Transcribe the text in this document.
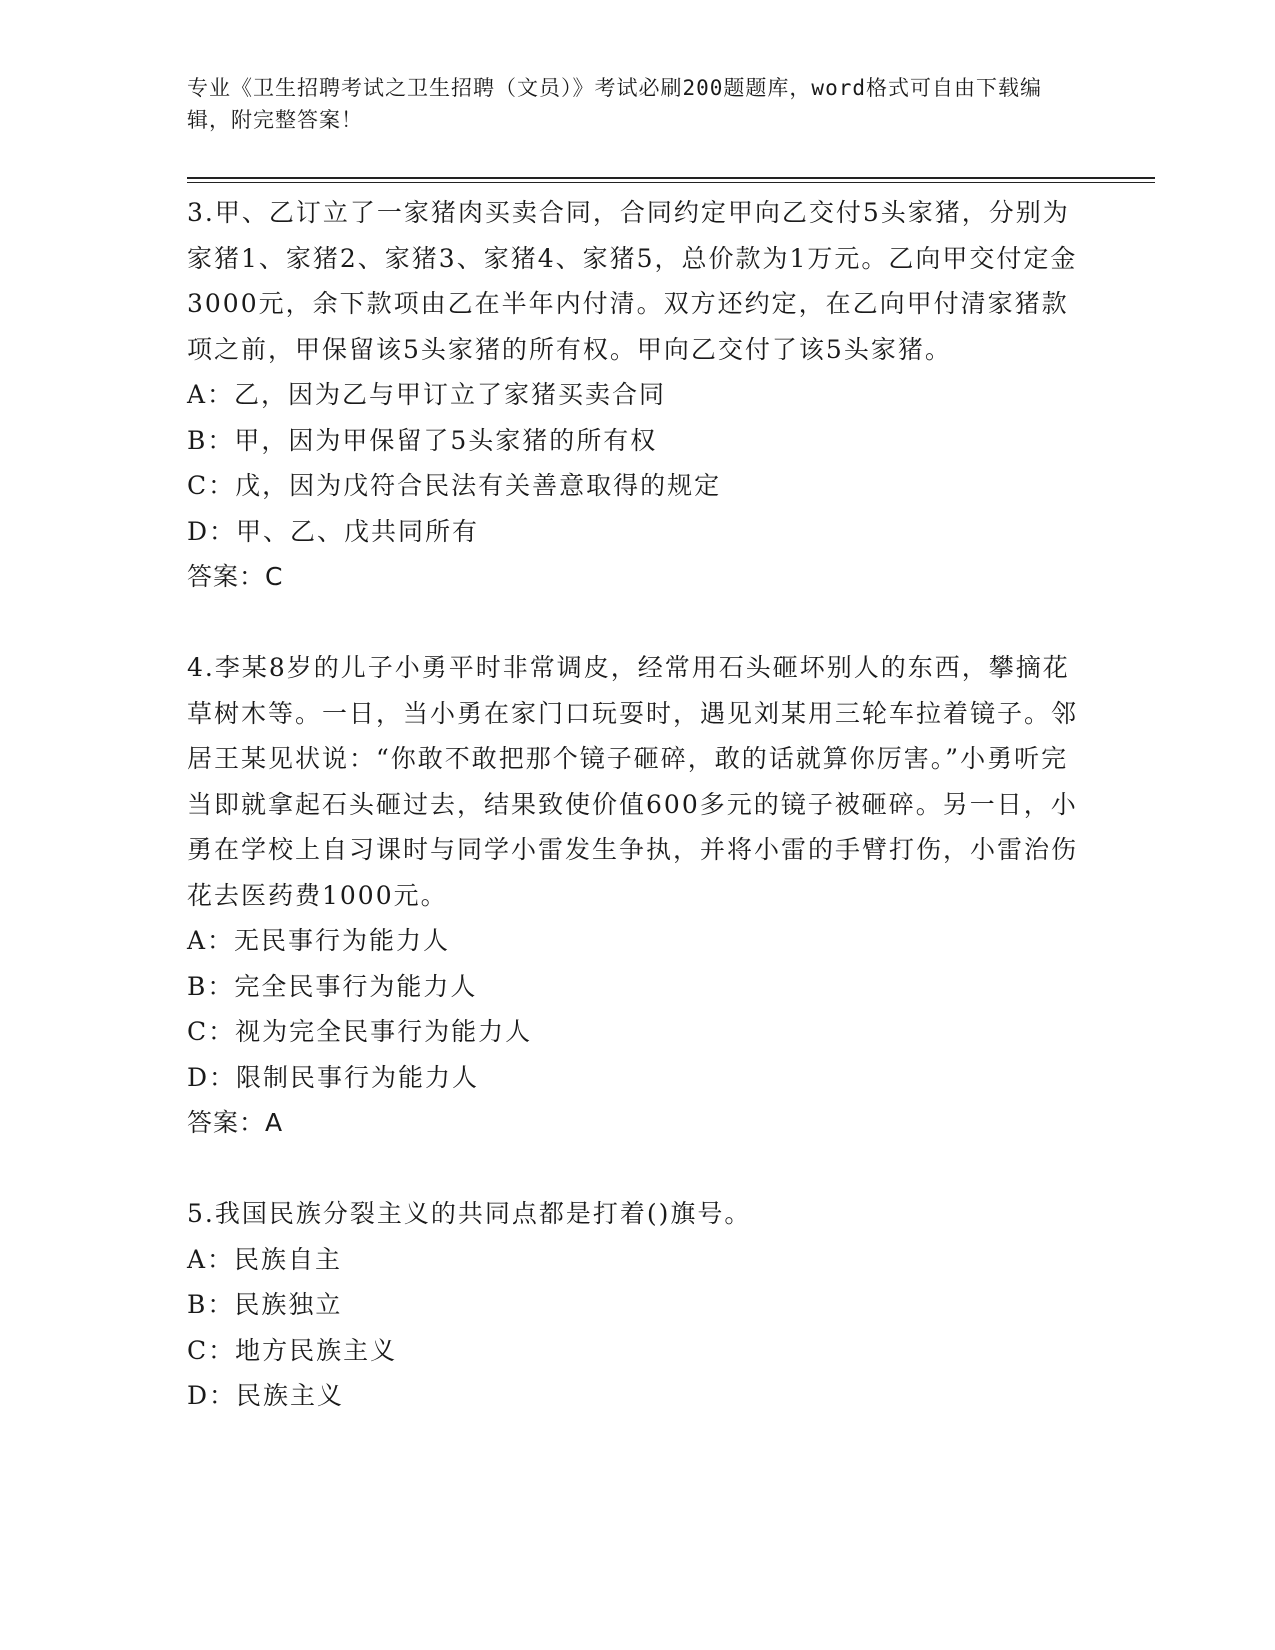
专业《卫生招聘考试之卫生招聘（文员）》考试必刷200题题库，word格式可自由下载编辑，附完整答案！

3.甲、乙订立了一家猪肉买卖合同，合同约定甲向乙交付5头家猪，分别为家猪1、家猪2、家猪3、家猪4、家猪5，总价款为1万元。乙向甲交付定金3000元，余下款项由乙在半年内付清。双方还约定，在乙向甲付清家猪款项之前，甲保留该5头家猪的所有权。甲向乙交付了该5头家猪。

A：乙，因为乙与甲订立了家猪买卖合同

B：甲，因为甲保留了5头家猪的所有权

C：戊，因为戊符合民法有关善意取得的规定

D：甲、乙、戊共同所有

答案：C

4.李某8岁的儿子小勇平时非常调皮，经常用石头砸坏别人的东西，攀摘花草树木等。一日，当小勇在家门口玩耍时，遇见刘某用三轮车拉着镜子。邻居王某见状说：“你敢不敢把那个镜子砸碎，敢的话就算你厉害。”小勇听完当即就拿起石头砸过去，结果致使价值600多元的镜子被砸碎。另一日，小勇在学校上自习课时与同学小雷发生争执，并将小雷的手臂打伤，小雷治伤花去医药费1000元。

A：无民事行为能力人

B：完全民事行为能力人

C：视为完全民事行为能力人

D：限制民事行为能力人

答案：A

5.我国民族分裂主义的共同点都是打着()旗号。

A：民族自主

B：民族独立

C：地方民族主义

D：民族主义
